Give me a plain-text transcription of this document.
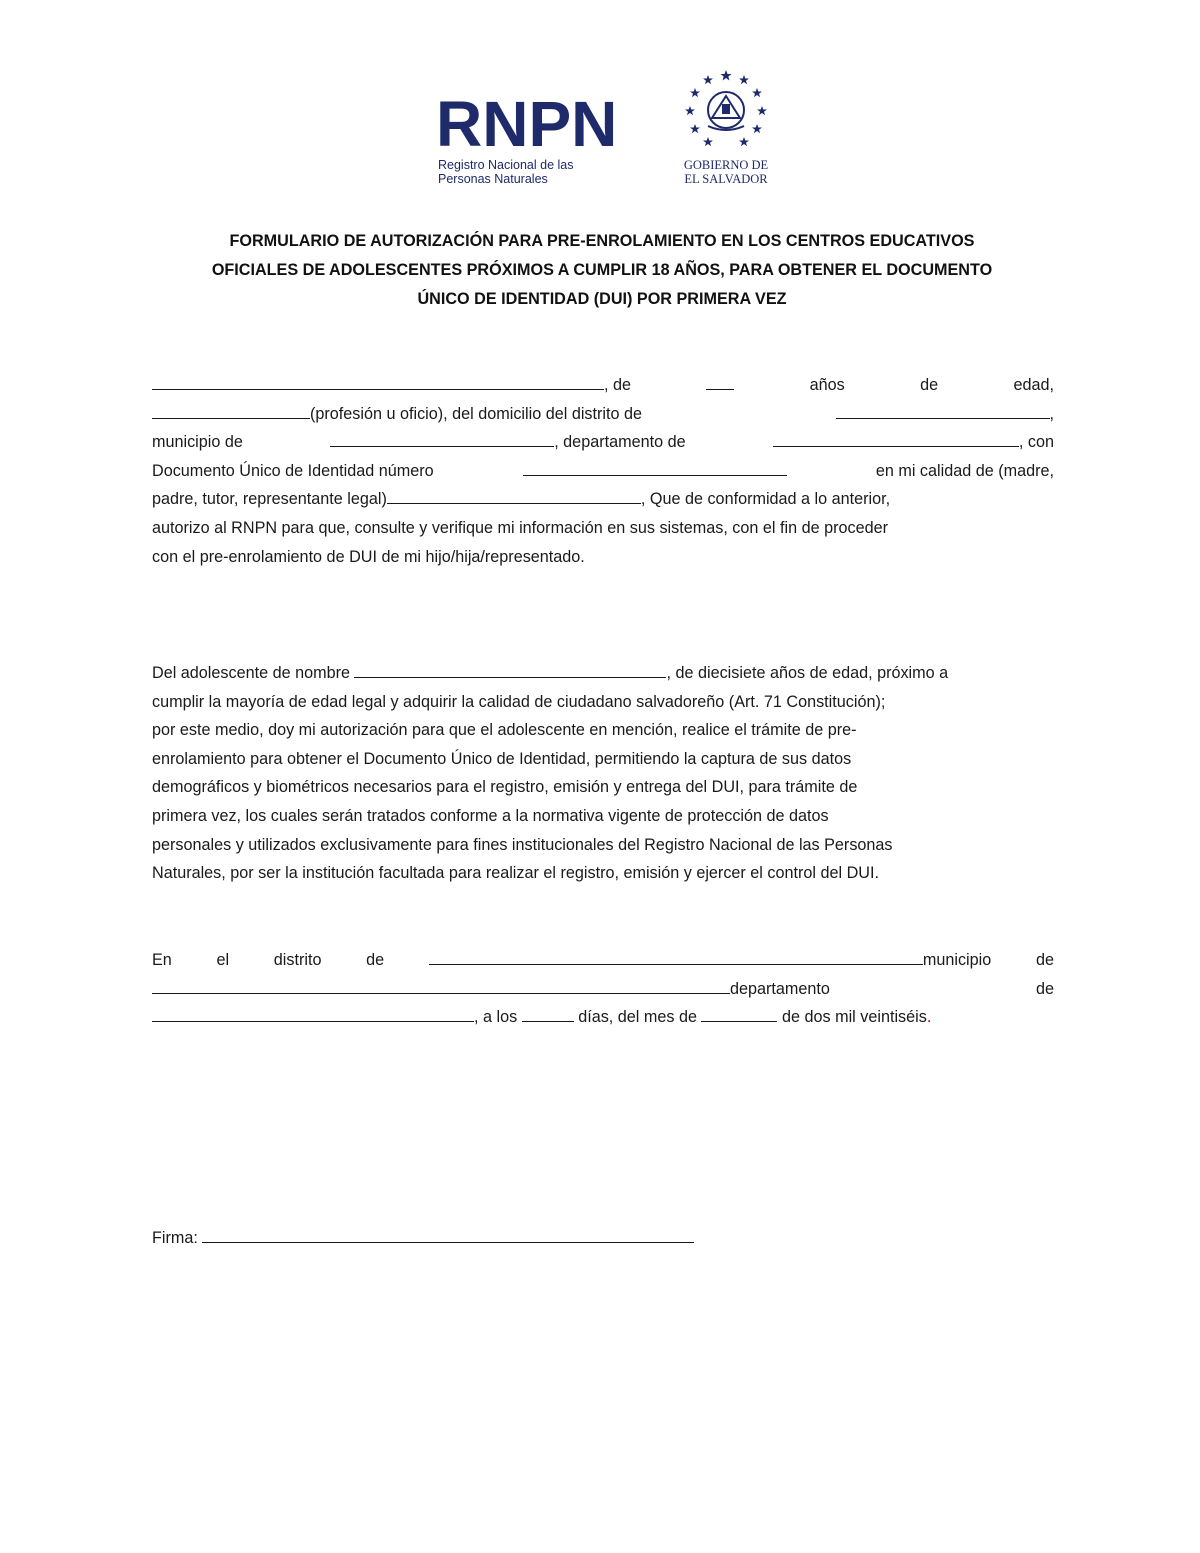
RNPN
Registro Nacional de las
Personas Naturales
GOBIERNO DE
EL SALVADOR
FORMULARIO DE AUTORIZACIÓN PARA PRE-ENROLAMIENTO EN LOS CENTROS EDUCATIVOS
OFICIALES DE ADOLESCENTES PRÓXIMOS A CUMPLIR 18 AÑOS, PARA OBTENER EL DOCUMENTO
ÚNICO DE IDENTIDAD (DUI) POR PRIMERA VEZ
, de	años	de	edad,
(profesión u oficio), del domicilio del distrito de	,
municipio de	, departamento de	, con
Documento Único de Identidad número	en mi calidad de (madre,
padre, tutor, representante legal)	, Que de conformidad a lo anterior,
autorizo al RNPN para que, consulte y verifique mi información en sus sistemas, con el fin de proceder
con el pre-enrolamiento de DUI de mi hijo/hija/representado.
Del adolescente de nombre	, de diecisiete años de edad, próximo a
cumplir la mayoría de edad legal y adquirir la calidad de ciudadano salvadoreño (Art. 71 Constitución);
por este medio, doy mi autorización para que el adolescente en mención, realice el trámite de pre-
enrolamiento para obtener el Documento Único de Identidad, permitiendo la captura de sus datos
demográficos y biométricos necesarios para el registro, emisión y entrega del DUI, para trámite de
primera vez, los cuales serán tratados conforme a la normativa vigente de protección de datos
personales y utilizados exclusivamente para fines institucionales del Registro Nacional de las Personas
Naturales, por ser la institución facultada para realizar el registro, emisión y ejercer el control del DUI.
En	el	distrito	de	municipio	de
departamento	de
, a los	días, del mes de	de dos mil veintiséis.
Firma:
